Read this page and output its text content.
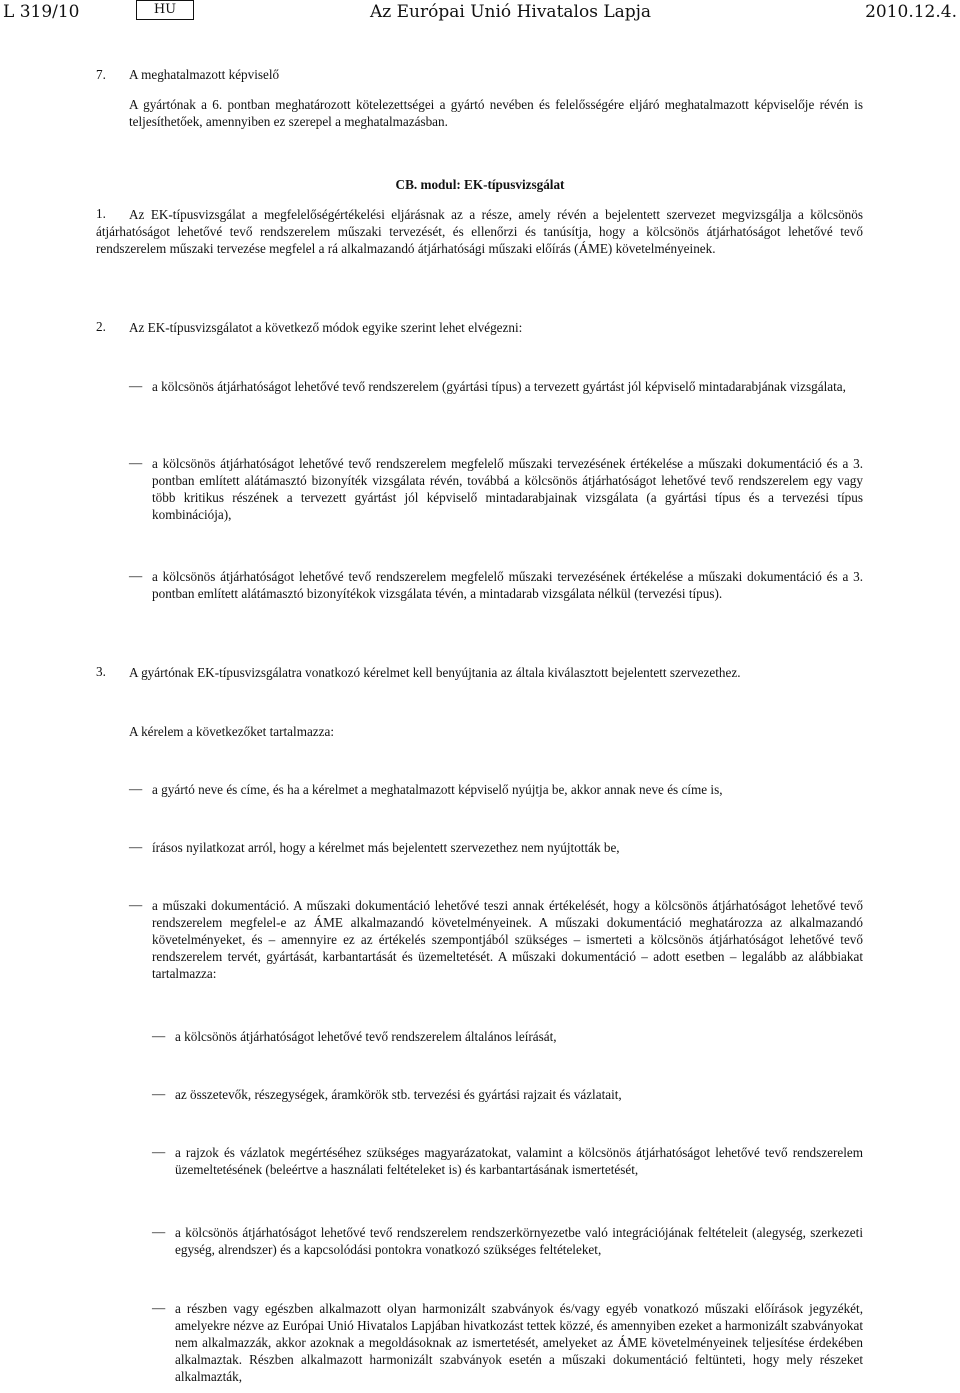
L 319/10	HU	Az Európai Unió Hivatalos Lapja	2010.12.4.
7. A meghatalmazott képviselő
A gyártónak a 6. pontban meghatározott kötelezettségei a gyártó nevében és felelősségére eljáró meghatalmazott képviselője révén is teljesíthetőek, amennyiben ez szerepel a meghatalmazásban.
CB. modul: EK-típusvizsgálat
1.	Az EK-típusvizsgálat a megfelelőségértékelési eljárásnak az a része, amely révén a bejelentett szervezet megvizsgálja a kölcsönös átjárhatóságot lehetővé tevő rendszerelem műszaki tervezését, és ellenőrzi és tanúsítja, hogy a kölcsönös átjárhatóságot lehetővé tevő rendszerelem műszaki tervezése megfelel a rá alkalmazandó átjárhatósági műszaki előírás (ÁME) követelményeinek.
2. Az EK-típusvizsgálatot a következő módok egyike szerint lehet elvégezni:
— a kölcsönös átjárhatóságot lehetővé tevő rendszerelem (gyártási típus) a tervezett gyártást jól képviselő mintadarabjának vizsgálata,
— a kölcsönös átjárhatóságot lehetővé tevő rendszerelem megfelelő műszaki tervezésének értékelése a műszaki dokumentáció és a 3. pontban említett alátámasztó bizonyíték vizsgálata révén, továbbá a kölcsönös átjárhatóságot lehetővé tevő rendszerelem egy vagy több kritikus részének a tervezett gyártást jól képviselő mintadarabjainak vizsgálata (a gyártási típus és a tervezési típus kombinációja),
— a kölcsönös átjárhatóságot lehetővé tevő rendszerelem megfelelő műszaki tervezésének értékelése a műszaki dokumentáció és a 3. pontban említett alátámasztó bizonyítékok vizsgálata tévén, a mintadarab vizsgálata nélkül (tervezési típus).
3. A gyártónak EK-típusvizsgálatra vonatkozó kérelmet kell benyújtania az általa kiválasztott bejelentett szervezethez.
A kérelem a következőket tartalmazza:
— a gyártó neve és címe, és ha a kérelmet a meghatalmazott képviselő nyújtja be, akkor annak neve és címe is,
— írásos nyilatkozat arról, hogy a kérelmet más bejelentett szervezethez nem nyújtották be,
— a műszaki dokumentáció. A műszaki dokumentáció lehetővé teszi annak értékelését, hogy a kölcsönös átjárhatóságot lehetővé tevő rendszerelem megfelel-e az ÁME alkalmazandó követelményeinek. A műszaki dokumentáció meghatározza az alkalmazandó követelményeket, és – amennyire ez az értékelés szempontjából szükséges – ismerteti a kölcsönös átjárhatóságot lehetővé tevő rendszerelem tervét, gyártását, karbantartását és üzemeltetését. A műszaki dokumentáció – adott esetben – legalább az alábbiakat tartalmazza:
— a kölcsönös átjárhatóságot lehetővé tevő rendszerelem általános leírását,
— az összetevők, részegységek, áramkörök stb. tervezési és gyártási rajzait és vázlatait,
— a rajzok és vázlatok megértéséhez szükséges magyarázatokat, valamint a kölcsönös átjárhatóságot lehetővé tevő rendszerelem üzemeltetésének (beleértve a használati feltételeket is) és karbantartásának ismertetését,
— a kölcsönös átjárhatóságot lehetővé tevő rendszerelem rendszerkörnyezetbe való integrációjának feltételeit (alegység, szerkezeti egység, alrendszer) és a kapcsolódási pontokra vonatkozó szükséges feltételeket,
— a részben vagy egészben alkalmazott olyan harmonizált szabványok és/vagy egyéb vonatkozó műszaki előírások jegyzékét, amelyekre nézve az Európai Unió Hivatalos Lapjában hivatkozást tettek közzé, és amennyiben ezeket a harmonizált szabványokat nem alkalmazzák, akkor azoknak a megoldásoknak az ismertetését, amelyeket az ÁME követelményeinek teljesítése érdekében alkalmaztak. Részben alkalmazott harmonizált szabványok esetén a műszaki dokumentáció feltünteti, hogy mely részeket alkalmazták,
